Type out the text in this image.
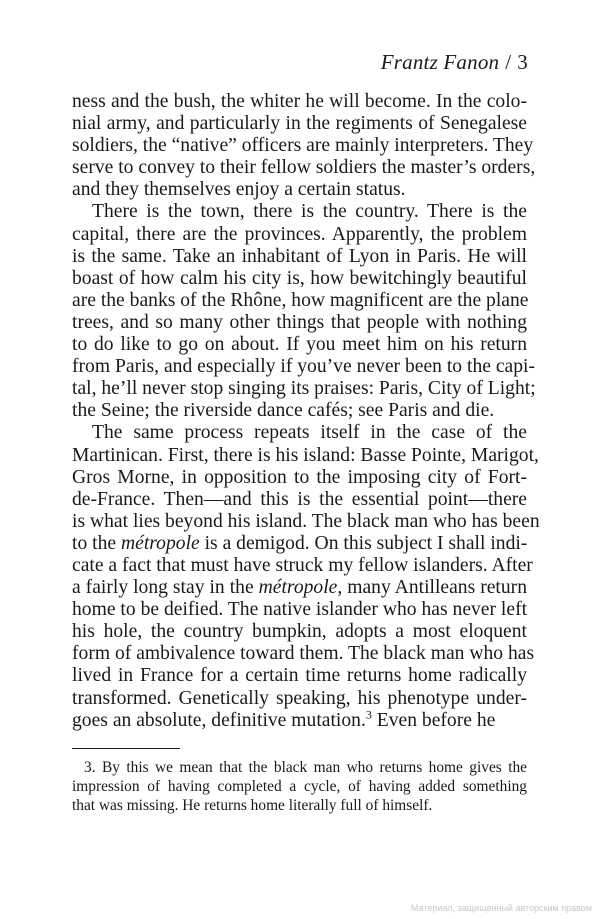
Frantz Fanon / 3

ness and the bush, the whiter he will become. In the colo-
nial army, and particularly in the regiments of Senegalese
soldiers, the “native” officers are mainly interpreters. They
serve to convey to their fellow soldiers the master’s orders,
and they themselves enjoy a certain status.

There is the town, there is the country. There is the
capital, there are the provinces. Apparently, the problem
is the same. Take an inhabitant of Lyon in Paris. He will
boast of how calm his city is, how bewitchingly beautiful
are the banks of the Rhône, how magnificent are the plane
trees, and so many other things that people with nothing
to do like to go on about. If you meet him on his return
from Paris, and especially if you’ve never been to the capi-
tal, he’ll never stop singing its praises: Paris, City of Light;
the Seine; the riverside dance cafés; see Paris and die.

The same process repeats itself in the case of the
Martinican. First, there is his island: Basse Pointe, Marigot,
Gros Morne, in opposition to the imposing city of Fort-
de-France. Then—and this is the essential point—there
is what lies beyond his island. The black man who has been
to the métropole is a demigod. On this subject I shall indi-
cate a fact that must have struck my fellow islanders. After
a fairly long stay in the métropole, many Antilleans return
home to be deified. The native islander who has never left
his hole, the country bumpkin, adopts a most eloquent
form of ambivalence toward them. The black man who has
lived in France for a certain time returns home radically
transformed. Genetically speaking, his phenotype under-
goes an absolute, definitive mutation.$^3$ Even before he

3. By this we mean that the black man who returns home gives the
impression of having completed a cycle, of having added something
that was missing. He returns home literally full of himself.
Материал, защищенный авторским правом
